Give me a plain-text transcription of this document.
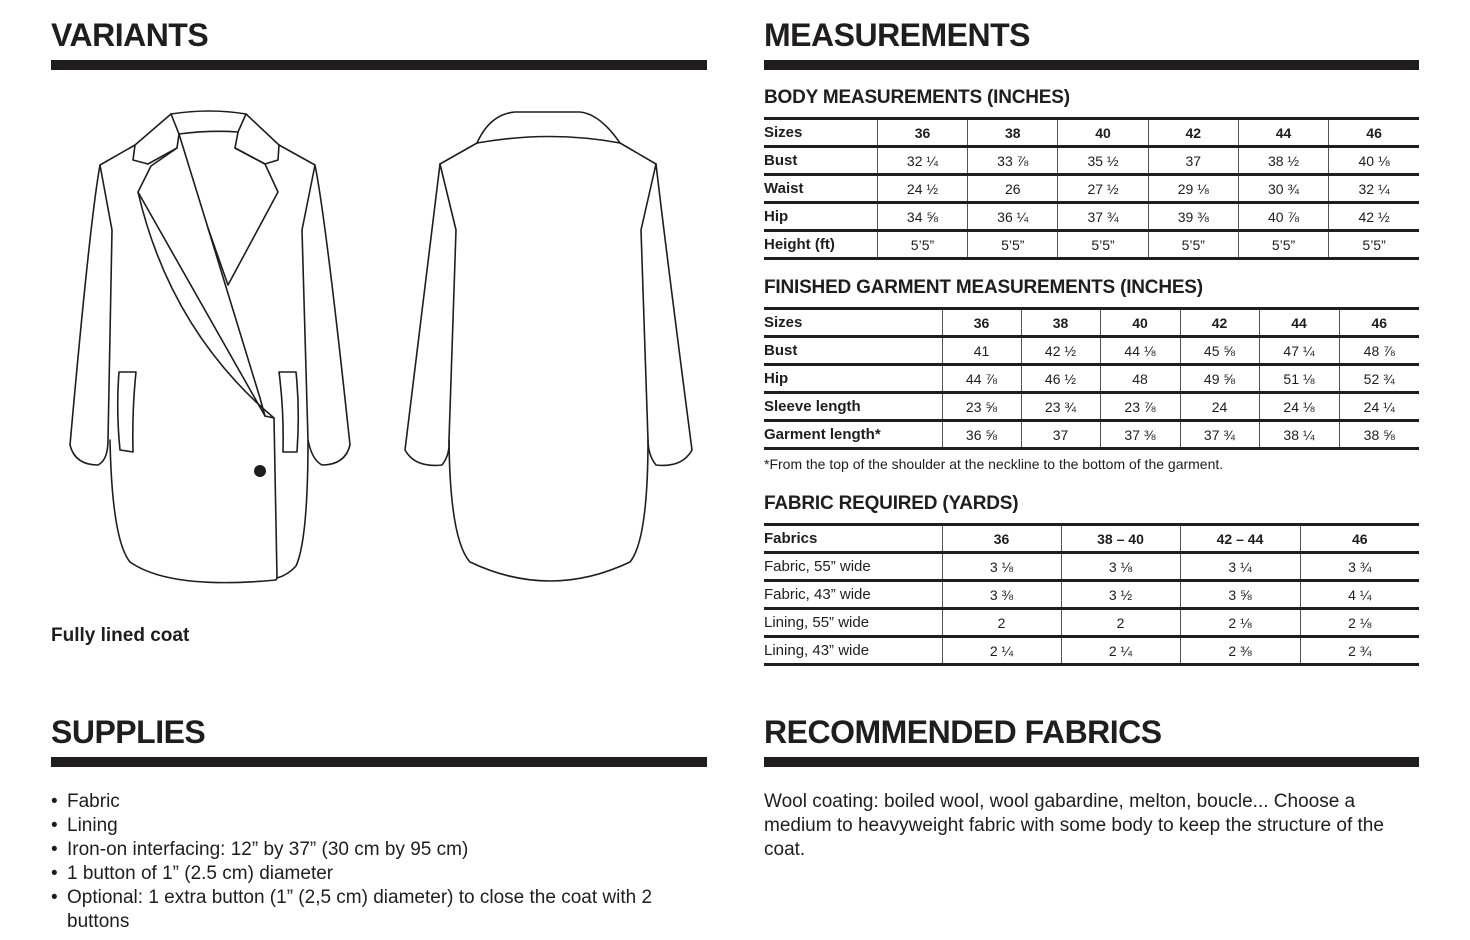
VARIANTS
Fully lined coat
MEASUREMENTS
BODY MEASUREMENTS (INCHES)
Sizes	36	38	40	42	44	46
Bust	32 ¼	33 ⅞	35 ½	37	38 ½	40 ⅛
Waist	24 ½	26	27 ½	29 ⅛	30 ¾	32 ¼
Hip	34 ⅝	36 ¼	37 ¾	39 ⅜	40 ⅞	42 ½
Height (ft)	5’5”	5’5”	5’5”	5’5”	5’5”	5’5”
FINISHED GARMENT MEASUREMENTS (INCHES)
Sizes	36	38	40	42	44	46
Bust	41	42 ½	44 ⅛	45 ⅝	47 ¼	48 ⅞
Hip	44 ⅞	46 ½	48	49 ⅝	51 ⅛	52 ¾
Sleeve length	23 ⅝	23 ¾	23 ⅞	24	24 ⅛	24 ¼
Garment length*	36 ⅝	37	37 ⅜	37 ¾	38 ¼	38 ⅝
*From the top of the shoulder at the neckline to the bottom of the garment.
FABRIC REQUIRED (YARDS)
Fabrics	36	38 – 40	42 – 44	46
Fabric, 55” wide	3 ⅛	3 ⅛	3 ¼	3 ¾
Fabric, 43” wide	3 ⅜	3 ½	3 ⅝	4 ¼
Lining, 55” wide	2	2	2 ⅛	2 ⅛
Lining, 43” wide	2 ¼	2 ¼	2 ⅜	2 ¾
SUPPLIES
• Fabric
• Lining
• Iron-on interfacing: 12” by 37” (30 cm by 95 cm)
• 1 button of 1” (2.5 cm) diameter
• Optional: 1 extra button (1” (2,5 cm) diameter) to close the coat with 2 buttons
RECOMMENDED FABRICS

Wool coating: boiled wool, wool gabardine, melton, boucle... Choose a medium to heavyweight fabric with some body to keep the structure of the coat.
